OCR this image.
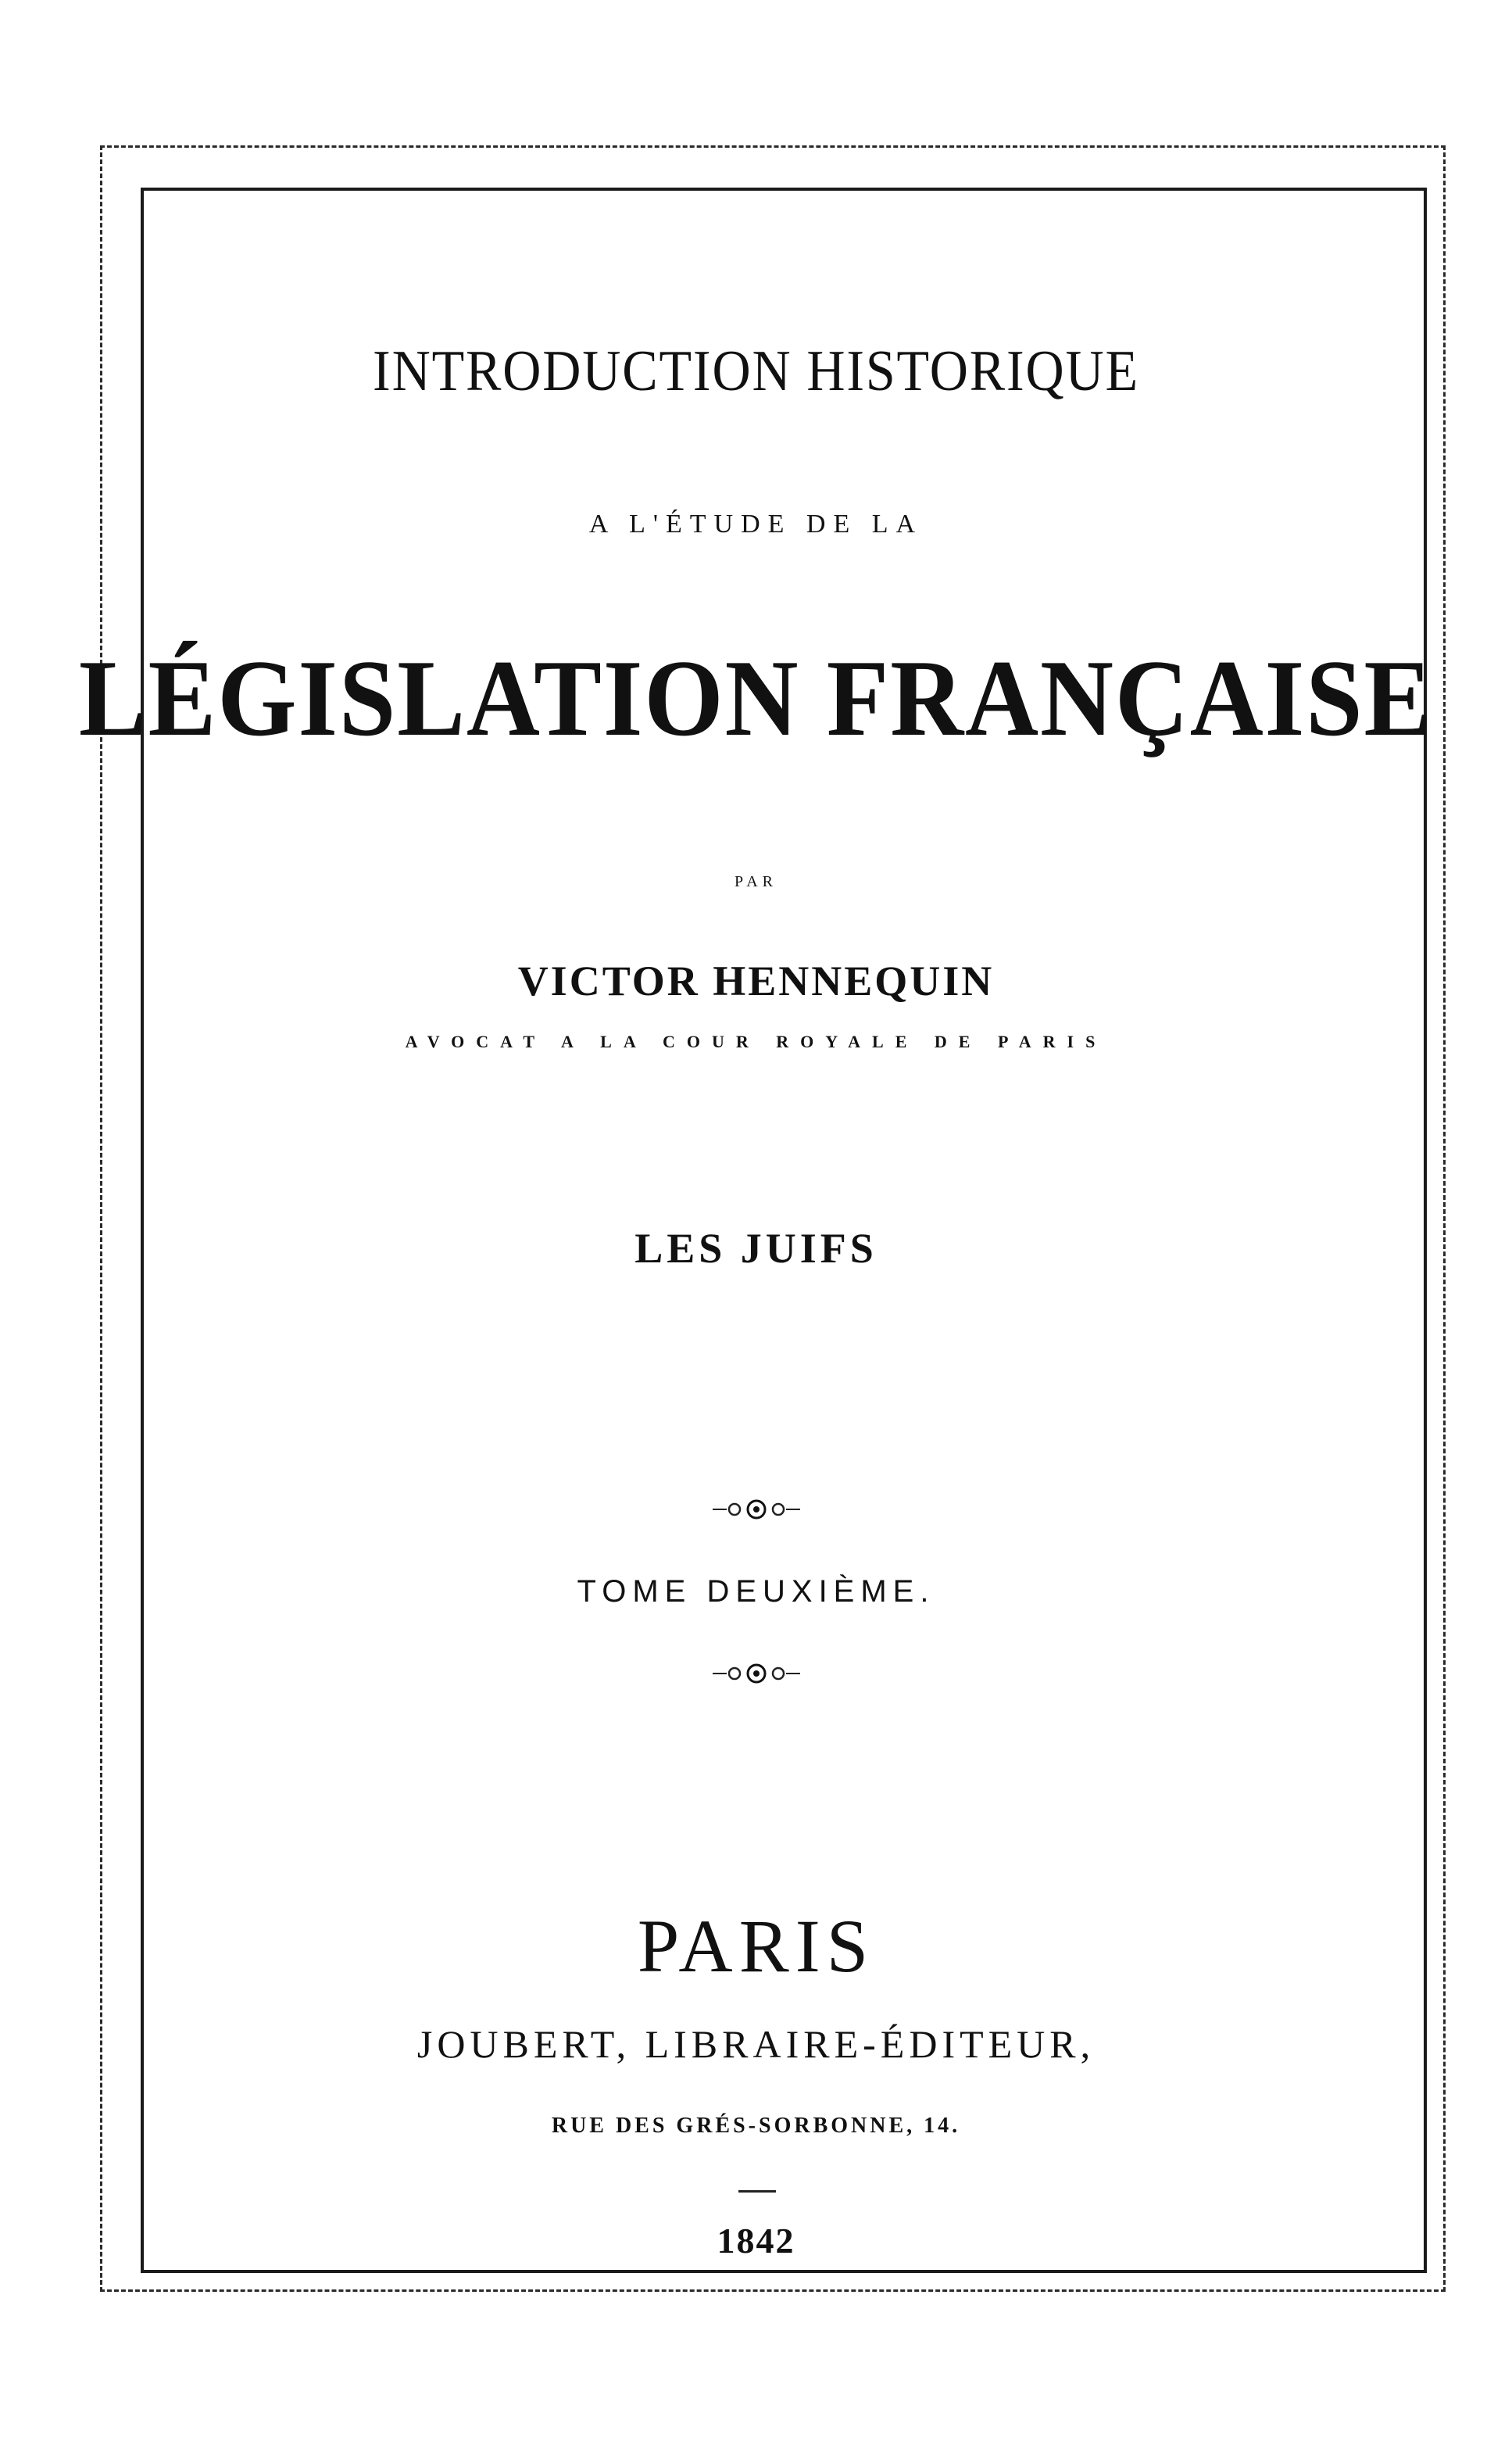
INTRODUCTION HISTORIQUE
A L'ÉTUDE DE LA
LÉGISLATION FRANÇAISE
PAR
VICTOR HENNEQUIN
AVOCAT A LA COUR ROYALE DE PARIS
LES JUIFS
TOME DEUXIÈME.
PARIS
JOUBERT, LIBRAIRE-ÉDITEUR,
RUE DES GRÉS-SORBONNE, 14.
1842
